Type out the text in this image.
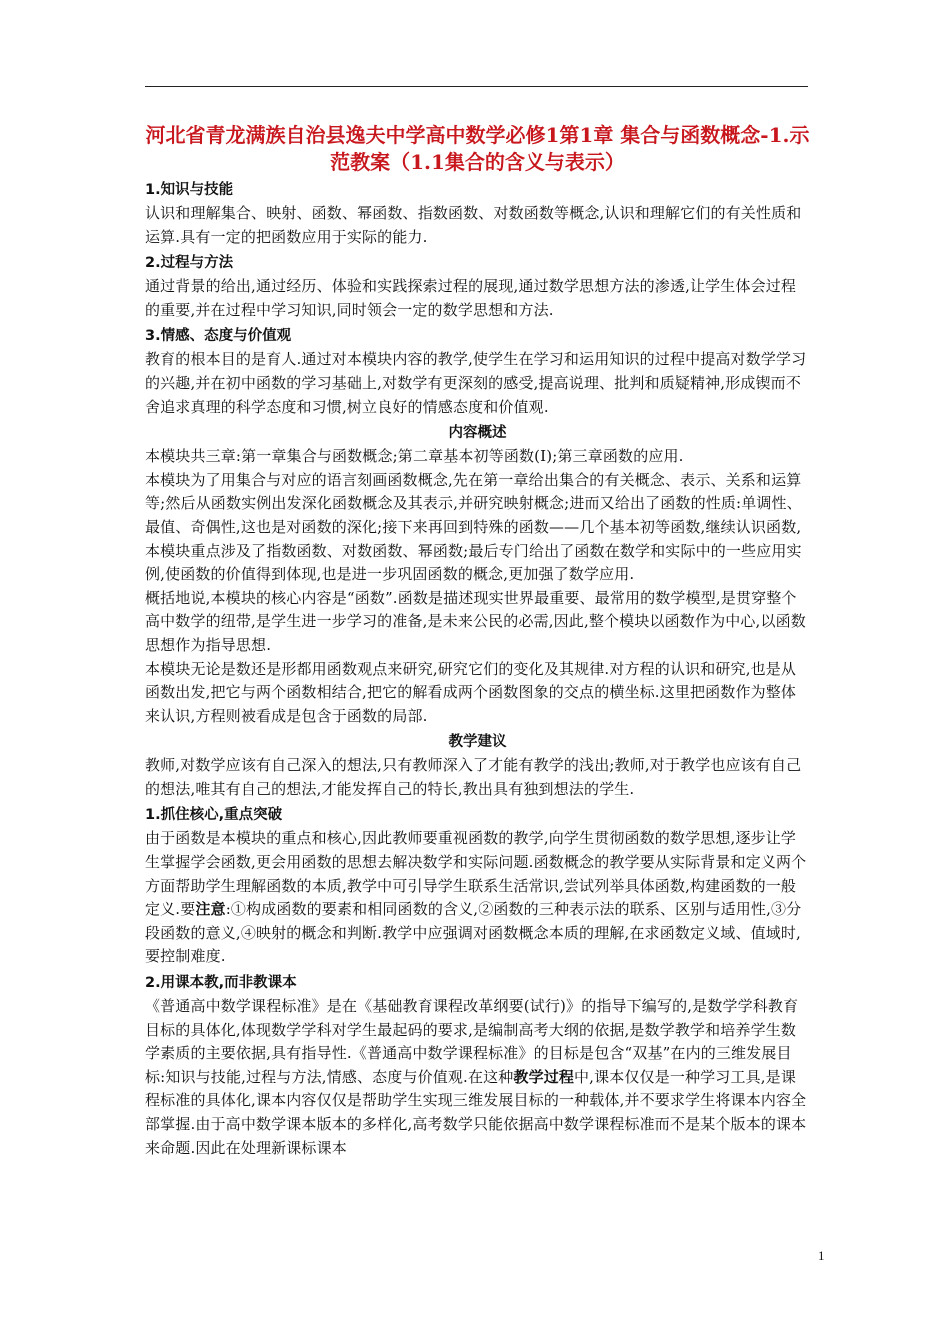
河北省青龙满族自治县逸夫中学高中数学必修1第1章 集合与函数概念-1.示范教案（1.1集合的含义与表示）
1.知识与技能

认识和理解集合、映射、函数、幂函数、指数函数、对数函数等概念,认识和理解它们的有关性质和运算.具有一定的把函数应用于实际的能力.

2.过程与方法

通过背景的给出,通过经历、体验和实践探索过程的展现,通过数学思想方法的渗透,让学生体会过程的重要,并在过程中学习知识,同时领会一定的数学思想和方法.

3.情感、态度与价值观

教育的根本目的是育人.通过对本模块内容的教学,使学生在学习和运用知识的过程中提高对数学学习的兴趣,并在初中函数的学习基础上,对数学有更深刻的感受,提高说理、批判和质疑精神,形成锲而不舍追求真理的科学态度和习惯,树立良好的情感态度和价值观.

内容概述

本模块共三章:第一章集合与函数概念;第二章基本初等函数(Ⅰ);第三章函数的应用.

本模块为了用集合与对应的语言刻画函数概念,先在第一章给出集合的有关概念、表示、关系和运算等;然后从函数实例出发深化函数概念及其表示,并研究映射概念;进而又给出了函数的性质:单调性、最值、奇偶性,这也是对函数的深化;接下来再回到特殊的函数——几个基本初等函数,继续认识函数,本模块重点涉及了指数函数、对数函数、幂函数;最后专门给出了函数在数学和实际中的一些应用实例,使函数的价值得到体现,也是进一步巩固函数的概念,更加强了数学应用.

概括地说,本模块的核心内容是“函数”.函数是描述现实世界最重要、最常用的数学模型,是贯穿整个高中数学的纽带,是学生进一步学习的准备,是未来公民的必需,因此,整个模块以函数作为中心,以函数思想作为指导思想.

本模块无论是数还是形都用函数观点来研究,研究它们的变化及其规律.对方程的认识和研究,也是从函数出发,把它与两个函数相结合,把它的解看成两个函数图象的交点的横坐标.这里把函数作为整体来认识,方程则被看成是包含于函数的局部.

教学建议

教师,对数学应该有自己深入的想法,只有教师深入了才能有教学的浅出;教师,对于教学也应该有自己的想法,唯其有自己的想法,才能发挥自己的特长,教出具有独到想法的学生.

1.抓住核心,重点突破

由于函数是本模块的重点和核心,因此教师要重视函数的教学,向学生贯彻函数的数学思想,逐步让学生掌握学会函数,更会用函数的思想去解决数学和实际问题.函数概念的教学要从实际背景和定义两个方面帮助学生理解函数的本质,教学中可引导学生联系生活常识,尝试列举具体函数,构建函数的一般定义.要注意:①构成函数的要素和相同函数的含义,②函数的三种表示法的联系、区别与适用性,③分段函数的意义,④映射的概念和判断.教学中应强调对函数概念本质的理解,在求函数定义域、值域时,要控制难度.

2.用课本教,而非教课本

《普通高中数学课程标准》是在《基础教育课程改革纲要(试行)》的指导下编写的,是数学学科教育目标的具体化,体现数学学科对学生最起码的要求,是编制高考大纲的依据,是数学教学和培养学生数学素质的主要依据,具有指导性.《普通高中数学课程标准》的目标是包含“双基”在内的三维发展目标:知识与技能,过程与方法,情感、态度与价值观.在这种教学过程中,课本仅仅是一种学习工具,是课程标准的具体化,课本内容仅仅是帮助学生实现三维发展目标的一种载体,并不要求学生将课本内容全部掌握.由于高中数学课本版本的多样化,高考数学只能依据高中数学课程标准而不是某个版本的课本来命题.因此在处理新课标课本

1
